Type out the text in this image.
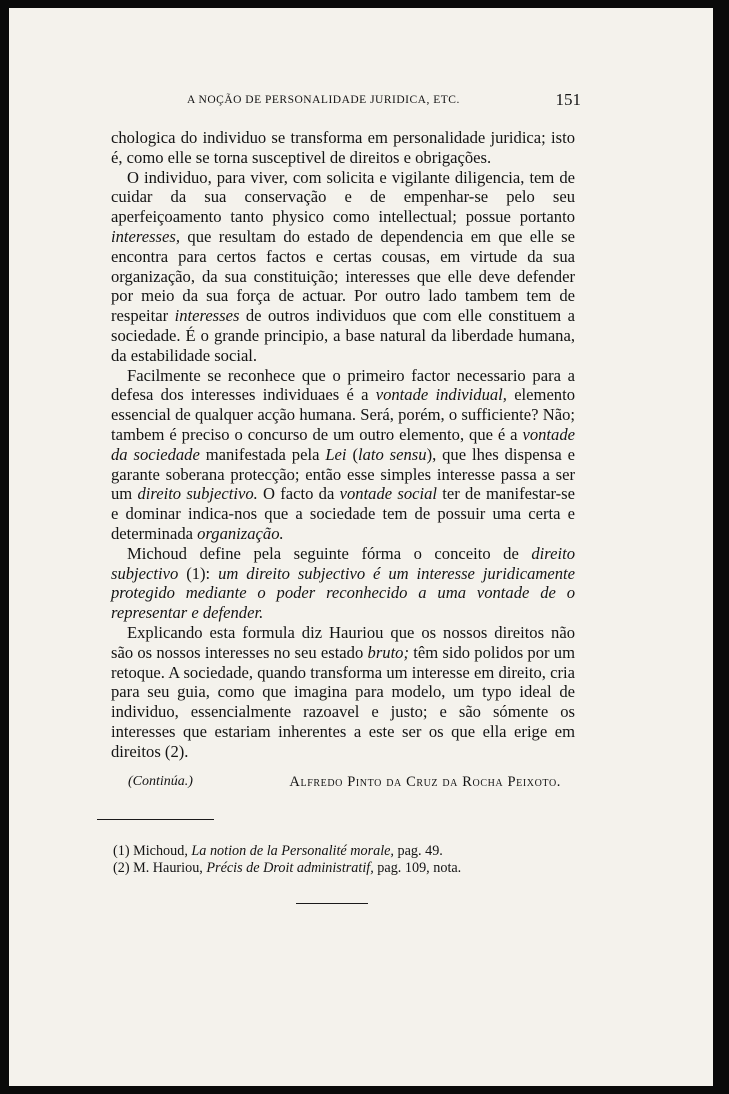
A NOÇÃO DE PERSONALIDADE JURIDICA, ETC.	151

chologica do individuo se transforma em personalidade juridica; isto é, como elle se torna susceptivel de direitos e obrigações.

O individuo, para viver, com solicita e vigilante diligencia, tem de cuidar da sua conservação e de empenhar-se pelo seu aperfeiçoamento tanto physico como intellectual; possue portanto interesses, que resultam do estado de dependencia em que elle se encontra para certos factos e certas cousas, em virtude da sua organização, da sua constituição; interesses que elle deve defender por meio da sua força de actuar. Por outro lado tambem tem de respeitar interesses de outros individuos que com elle constituem a sociedade. É o grande principio, a base natural da liberdade humana, da estabilidade social.

Facilmente se reconhece que o primeiro factor necessario para a defesa dos interesses individuaes é a vontade individual, elemento essencial de qualquer acção humana. Será, porém, o sufficiente? Não; tambem é preciso o concurso de um outro elemento, que é a vontade da sociedade manifestada pela Lei (lato sensu), que lhes dispensa e garante soberana protecção; então esse simples interesse passa a ser um direito subjectivo. O facto da vontade social ter de manifestar-se e dominar indica-nos que a sociedade tem de possuir uma certa e determinada organização.

Michoud define pela seguinte fórma o conceito de direito subjectivo (1): um direito subjectivo é um interesse juridicamente protegido mediante o poder reconhecido a uma vontade de o representar e defender.

Explicando esta formula diz Hauriou que os nossos direitos não são os nossos interesses no seu estado bruto; têm sido polidos por um retoque. A sociedade, quando transforma um interesse em direito, cria para seu guia, como que imagina para modelo, um typo ideal de individuo, essencialmente razoavel e justo; e são sómente os interesses que estariam inherentes a este ser os que ella erige em direitos (2).

(Continúa.)	Alfredo Pinto da Cruz da Rocha Peixoto.

(1) Michoud, La notion de la Personalité morale, pag. 49.

(2) M. Hauriou, Précis de Droit administratif, pag. 109, nota.
